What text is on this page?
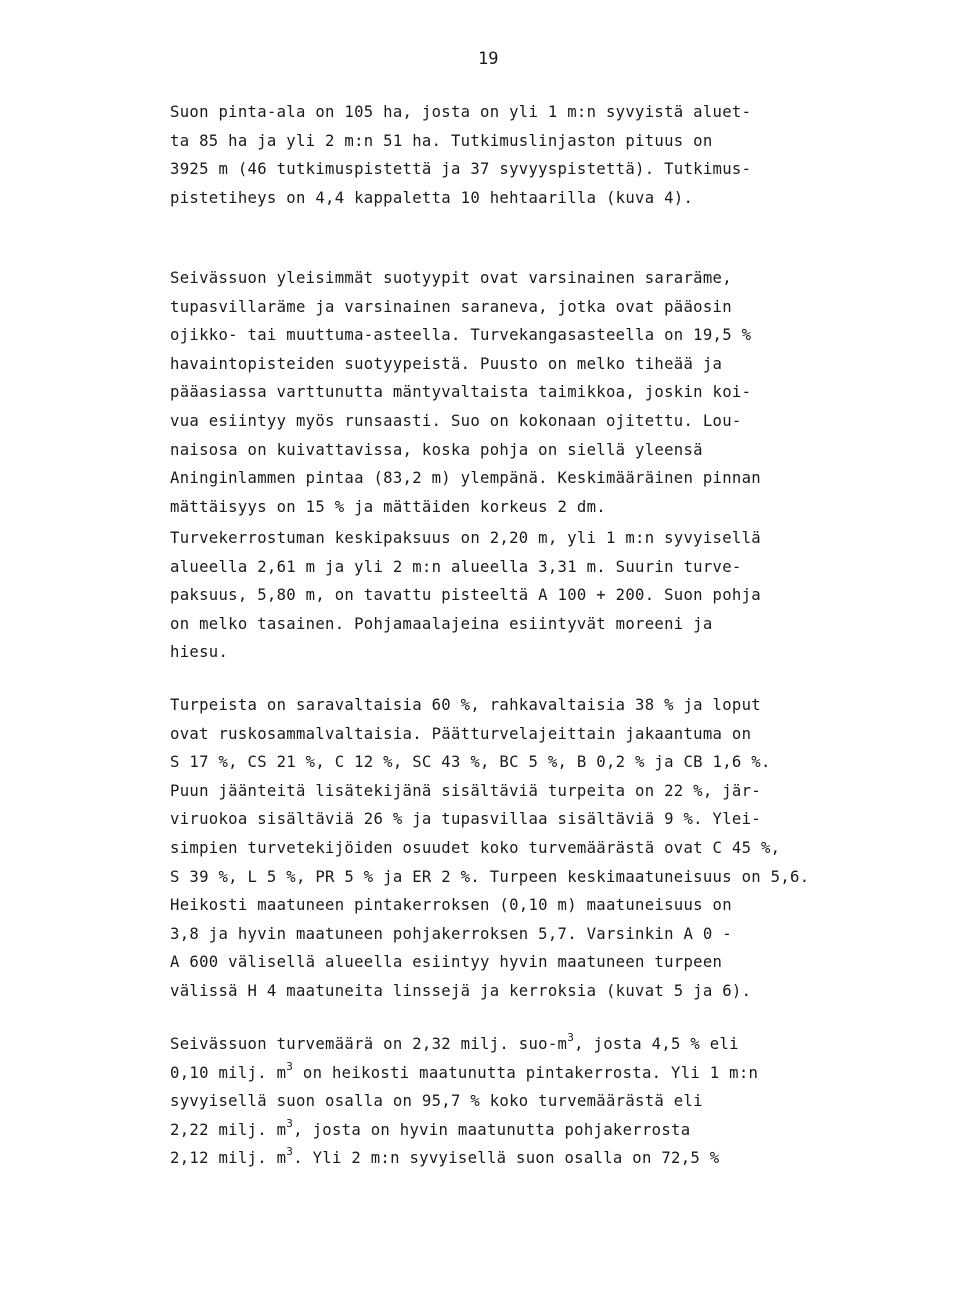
19
Suon pinta-ala on 105 ha, josta on yli 1 m:n syvyistä aluet-
ta 85 ha ja yli 2 m:n 51 ha. Tutkimuslinjaston pituus on
3925 m (46 tutkimuspistettä ja 37 syvyyspistettä). Tutkimus-
pistetiheys on 4,4 kappaletta 10 hehtaarilla (kuva 4).
Seivässuon yleisimmät suotyypit ovat varsinainen sararäme,
tupasvillaräme ja varsinainen saraneva, jotka ovat pääosin
ojikko- tai muuttuma-asteella. Turvekangasasteella on 19,5 %
havaintopisteiden suotyypeistä. Puusto on melko tiheää ja
pääasiassa varttunutta mäntyvaltaista taimikkoa, joskin koi-
vua esiintyy myös runsaasti. Suo on kokonaan ojitettu. Lou-
naisosa on kuivattavissa, koska pohja on siellä yleensä
Aninginlammen pintaa (83,2 m) ylempänä. Keskimääräinen pinnan
mättäisyys on 15 % ja mättäiden korkeus 2 dm.
Turvekerrostuman keskipaksuus on 2,20 m, yli 1 m:n syvyisellä
alueella 2,61 m ja yli 2 m:n alueella 3,31 m. Suurin turve-
paksuus, 5,80 m, on tavattu pisteeltä A 100 + 200. Suon pohja
on melko tasainen. Pohjamaalajeina esiintyvät moreeni ja
hiesu.
Turpeista on saravaltaisia 60 %, rahkavaltaisia 38 % ja loput
ovat ruskosammalvaltaisia. Päätturvelajeittain jakaantuma on
S 17 %, CS 21 %, C 12 %, SC 43 %, BC 5 %, B 0,2 % ja CB 1,6 %.
Puun jäänteitä lisätekijänä sisältäviä turpeita on 22 %, jär-
viruokoa sisältäviä 26 % ja tupasvillaa sisältäviä 9 %. Ylei-
simpien turvetekijöiden osuudet koko turvemäärästä ovat C 45 %,
S 39 %, L 5 %, PR 5 % ja ER 2 %. Turpeen keskimaatuneisuus on 5,6.
Heikosti maatuneen pintakerroksen (0,10 m) maatuneisuus on
3,8 ja hyvin maatuneen pohjakerroksen 5,7. Varsinkin A 0 -
A 600 välisellä alueella esiintyy hyvin maatuneen turpeen
välissä H 4 maatuneita linssejä ja kerroksia (kuvat 5 ja 6).
Seivässuon turvemäärä on 2,32 milj. suo-$m^3$, josta 4,5 % eli
0,10 milj. $m^3$ on heikosti maatunutta pintakerrosta. Yli 1 m:n
syvyisellä suon osalla on 95,7 % koko turvemäärästä eli
2,22 milj. $m^3$, josta on hyvin maatunutta pohjakerrosta
2,12 milj. $m^3$. Yli 2 m:n syvyisellä suon osalla on 72,5 %
